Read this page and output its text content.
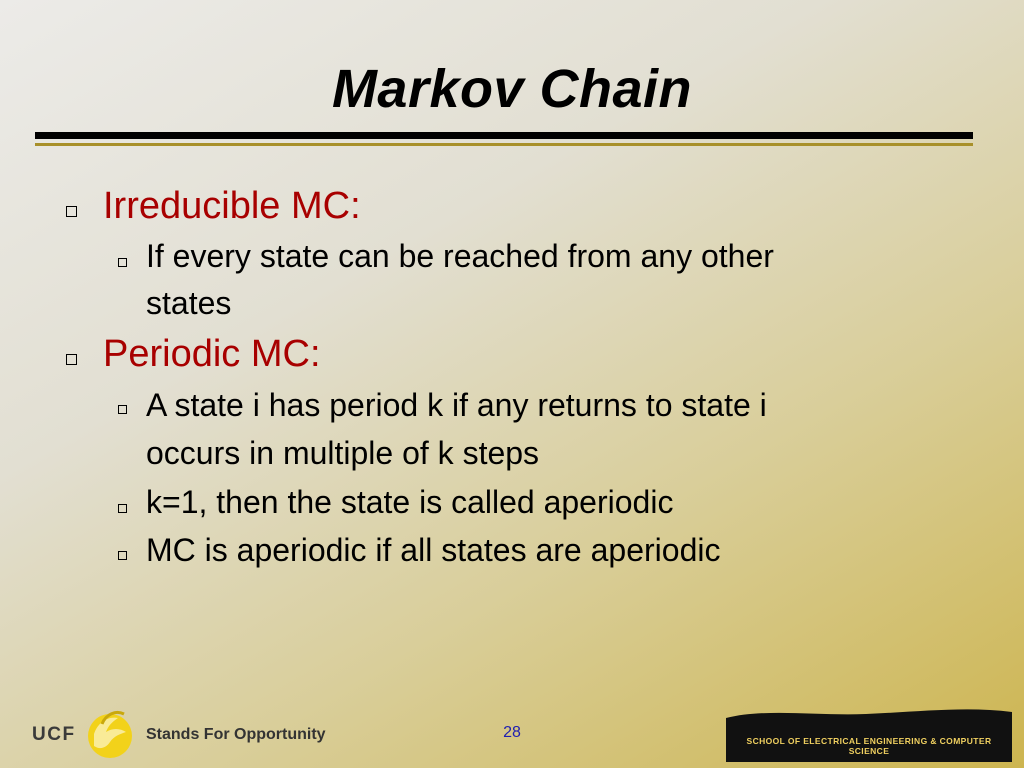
Markov Chain
Irreducible MC:
If every state can be reached from any other
states
Periodic MC:
A state i has period k if any returns to state i
occurs in multiple of k steps
k=1, then the state is called aperiodic
MC is aperiodic if all states are aperiodic
UCF	Stands For Opportunity	28	SCHOOL OF ELECTRICAL ENGINEERING & COMPUTER SCIENCE
